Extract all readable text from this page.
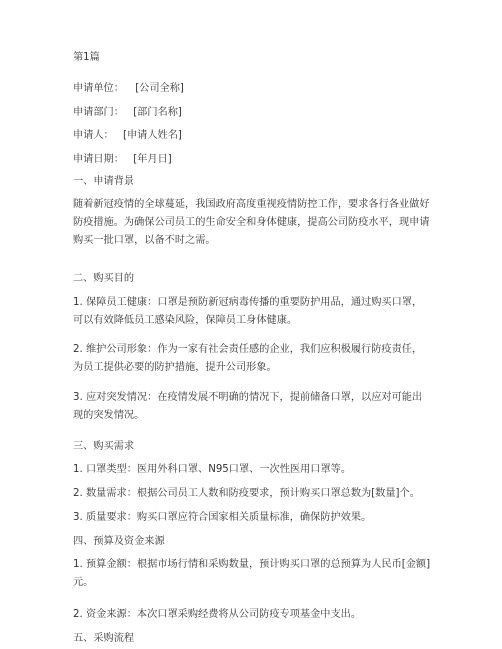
第1篇
申请单位： [公司全称]
申请部门： [部门名称]
申请人： [申请人姓名]
申请日期： [年月日]
一、申请背景
随着新冠疫情的全球蔓延，我国政府高度重视疫情防控工作，要求各行各业做好防疫措施。为确保公司员工的生命安全和身体健康，提高公司防疫水平，现申请购买一批口罩，以备不时之需。
二、购买目的
1. 保障员工健康：口罩是预防新冠病毒传播的重要防护用品，通过购买口罩，可以有效降低员工感染风险，保障员工身体健康。
2. 维护公司形象：作为一家有社会责任感的企业，我们应积极履行防疫责任，为员工提供必要的防护措施，提升公司形象。
3. 应对突发情况：在疫情发展不明确的情况下，提前储备口罩，以应对可能出现的突发情况。
三、购买需求
1. 口罩类型：医用外科口罩、N95口罩、一次性医用口罩等。
2. 数量需求：根据公司员工人数和防疫要求，预计购买口罩总数为[数量]个。
3. 质量要求：购买口罩应符合国家相关质量标准，确保防护效果。
四、预算及资金来源
1. 预算金额：根据市场行情和采购数量，预计购买口罩的总预算为人民币[金额]元。
2. 资金来源：本次口罩采购经费将从公司防疫专项基金中支出。
五、采购流程
